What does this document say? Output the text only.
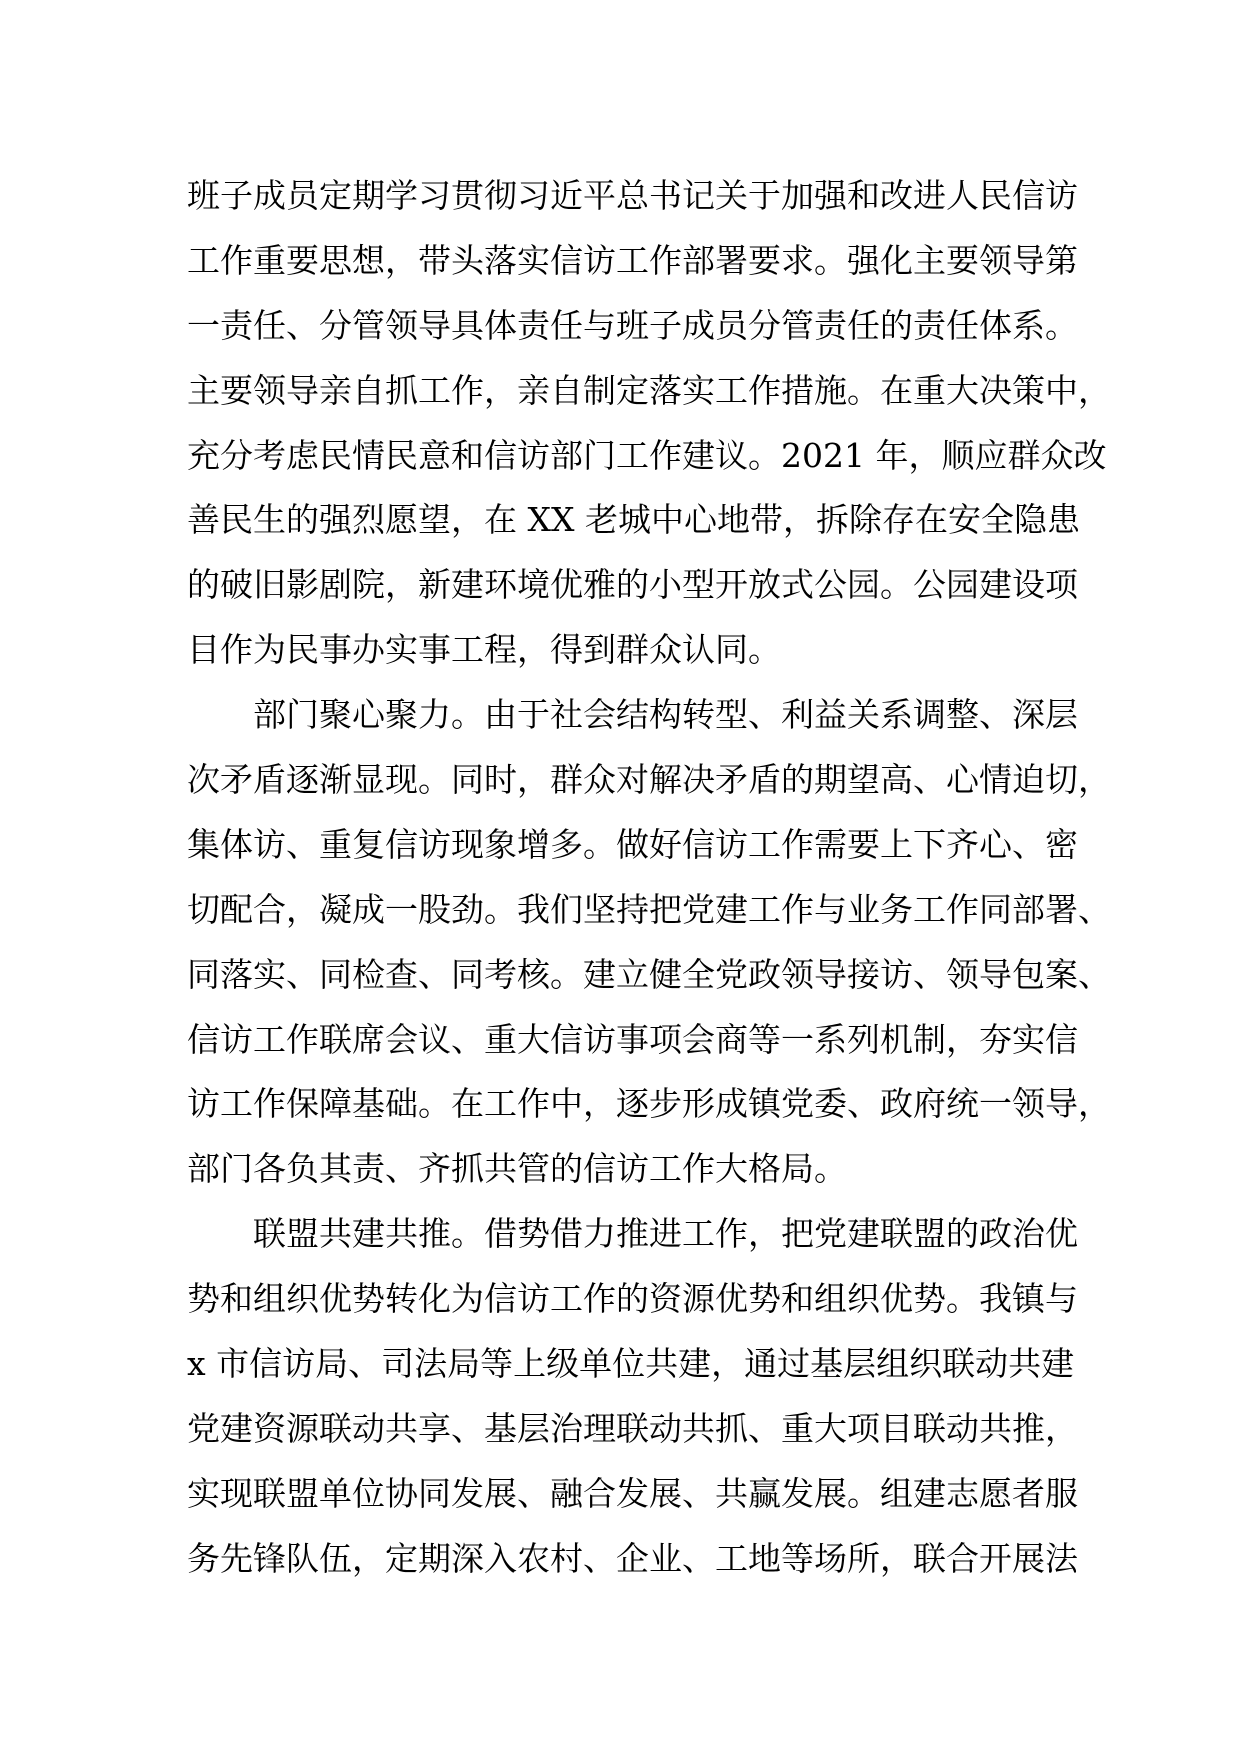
班子成员定期学习贯彻习近平总书记关于加强和改进人民信访
工作重要思想，带头落实信访工作部署要求。强化主要领导第
一责任、分管领导具体责任与班子成员分管责任的责任体系。
主要领导亲自抓工作，亲自制定落实工作措施。在重大决策中，
充分考虑民情民意和信访部门工作建议。2021 年，顺应群众改
善民生的强烈愿望，在 XX 老城中心地带，拆除存在安全隐患
的破旧影剧院，新建环境优雅的小型开放式公园。公园建设项
目作为民事办实事工程，得到群众认同。
部门聚心聚力。由于社会结构转型、利益关系调整、深层
次矛盾逐渐显现。同时，群众对解决矛盾的期望高、心情迫切，
集体访、重复信访现象增多。做好信访工作需要上下齐心、密
切配合，凝成一股劲。我们坚持把党建工作与业务工作同部署、
同落实、同检查、同考核。建立健全党政领导接访、领导包案、
信访工作联席会议、重大信访事项会商等一系列机制，夯实信
访工作保障基础。在工作中，逐步形成镇党委、政府统一领导，
部门各负其责、齐抓共管的信访工作大格局。
联盟共建共推。借势借力推进工作，把党建联盟的政治优
势和组织优势转化为信访工作的资源优势和组织优势。我镇与
x 市信访局、司法局等上级单位共建，通过基层组织联动共建
党建资源联动共享、基层治理联动共抓、重大项目联动共推，
实现联盟单位协同发展、融合发展、共赢发展。组建志愿者服
务先锋队伍，定期深入农村、企业、工地等场所，联合开展法
